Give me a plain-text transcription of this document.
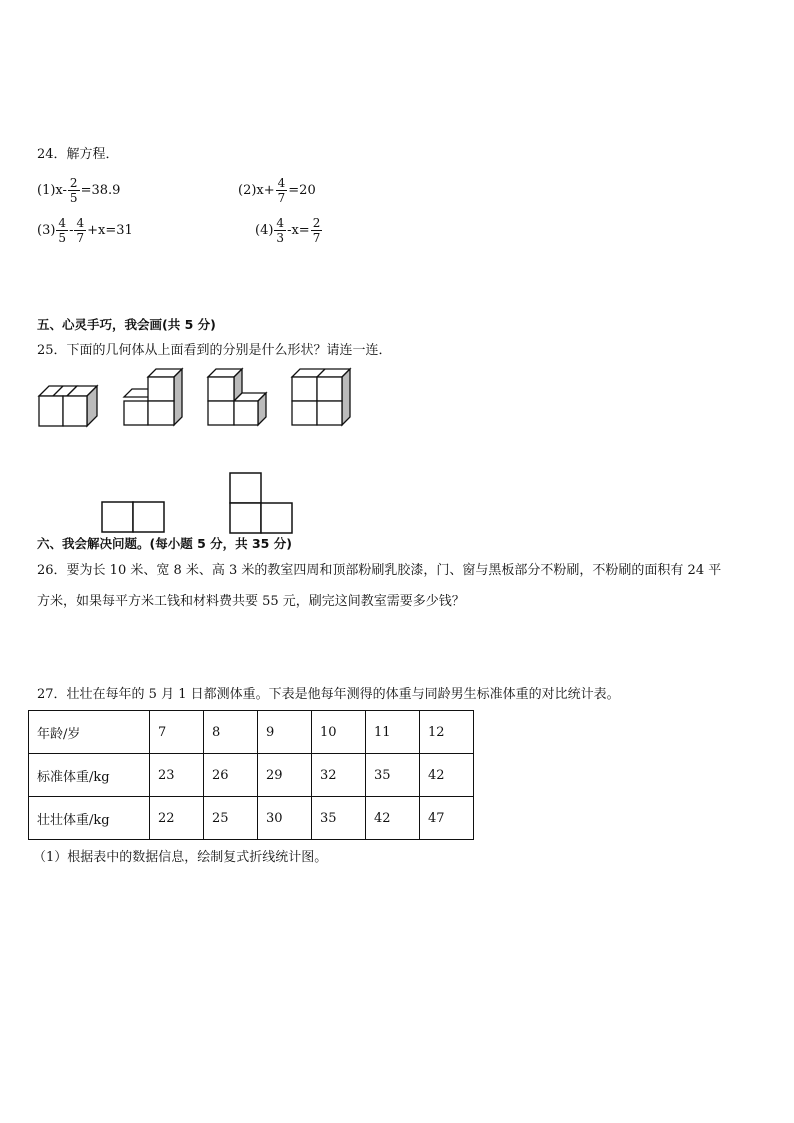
24．解方程．
$(1)x- \frac{2}{5} =38.9$	$(2)x+ \frac{4}{7} =20$
$(3) \frac{4}{5} - \frac{4}{7} +x=31$	$(4) \frac{4}{3} -x= \frac{2}{7}$
五、心灵手巧，我会画(共 5 分)
25．下面的几何体从上面看到的分别是什么形状？请连一连．
六、我会解决问题。(每小题 5 分，共 35 分)
26．要为长 10 米、宽 8 米、高 3 米的教室四周和顶部粉刷乳胶漆，门、窗与黑板部分不粉刷，不粉刷的面积有 24 平
方米，如果每平方米工钱和材料费共要 55 元，刷完这间教室需要多少钱？
27．壮壮在每年的 5 月 1 日都测体重。下表是他每年测得的体重与同龄男生标准体重的对比统计表。
年龄/岁	7	8	9	10	11	12
标准体重/kg	23	26	29	32	35	42
壮壮体重/kg	22	25	30	35	42	47
（1）根据表中的数据信息，绘制复式折线统计图。
